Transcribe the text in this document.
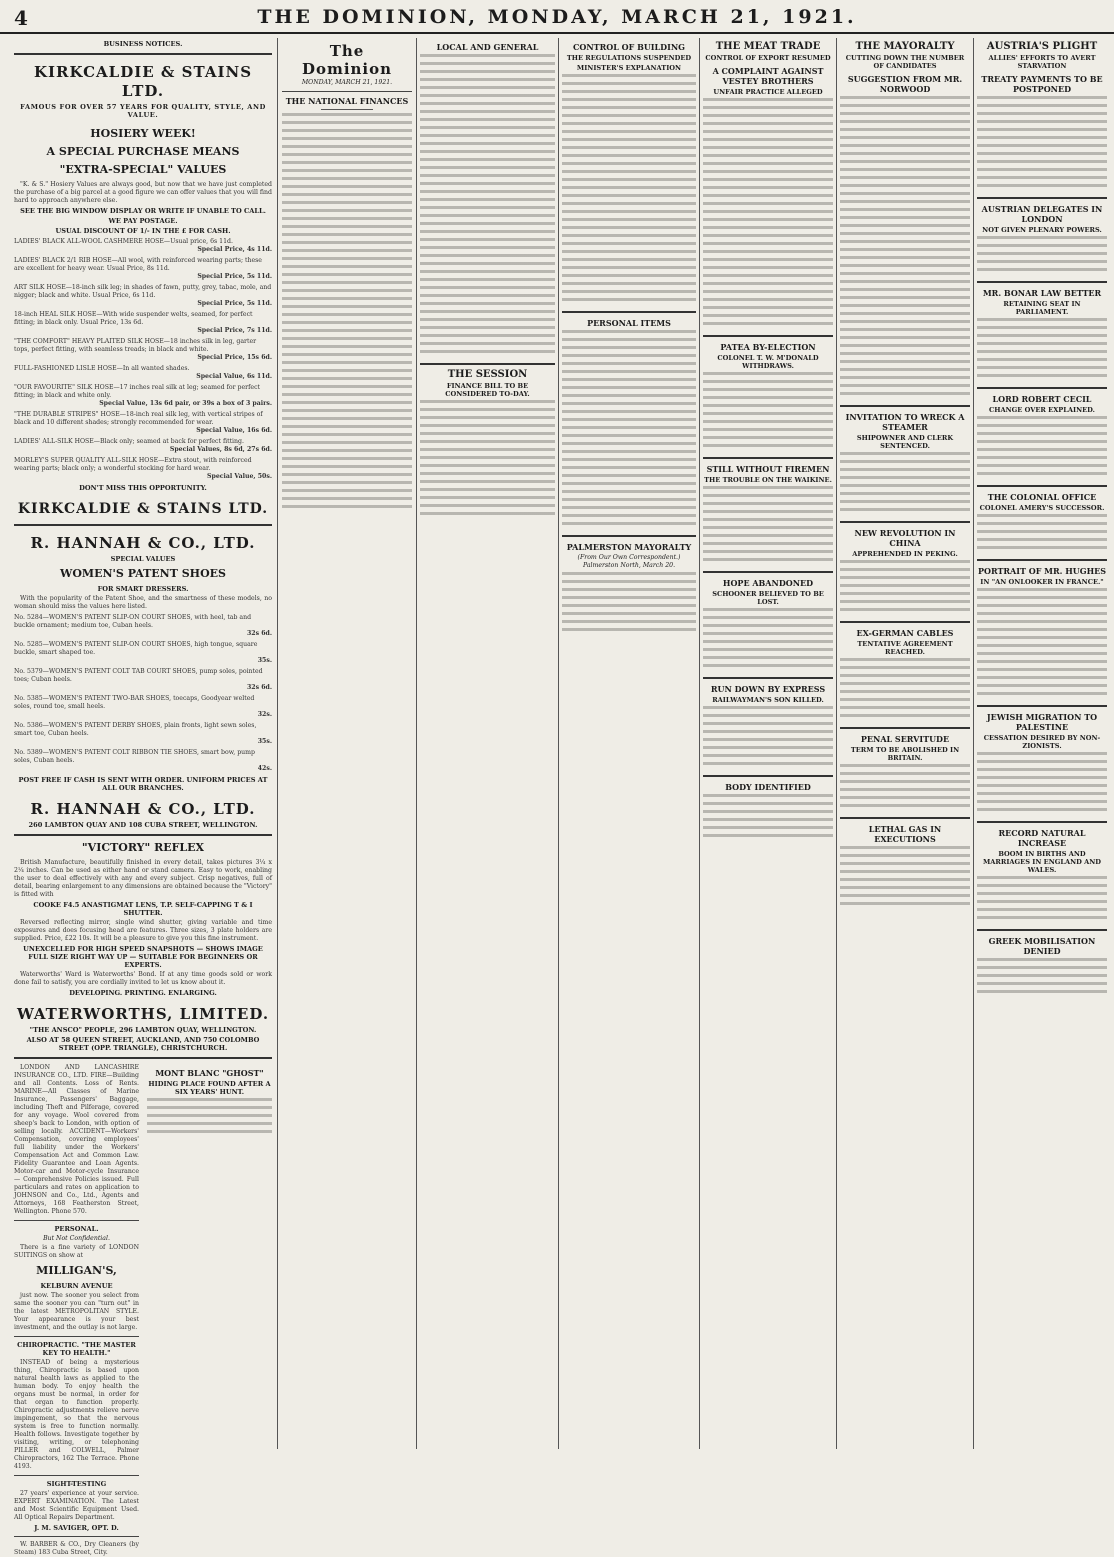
4	THE DOMINION, MONDAY, MARCH 21, 1921.
BUSINESS NOTICES.
KIRKCALDIE & STAINS LTD.
FAMOUS FOR OVER 57 YEARS FOR QUALITY, STYLE, AND VALUE.
HOSIERY WEEK!
A SPECIAL PURCHASE MEANS
"EXTRA-SPECIAL" VALUES

"K. & S." Hosiery Values are always good, but now that we have just completed the purchase of a big parcel at a good figure we can offer values that you will find hard to approach anywhere else.

SEE THE BIG WINDOW DISPLAY OR WRITE IF UNABLE TO CALL.
WE PAY POSTAGE.
USUAL DISCOUNT OF 1/- IN THE £ FOR CASH.
LADIES' BLACK ALL-WOOL CASHMERE HOSE—Usual price, 6s 11d.
Special Price, 4s 11d.
LADIES' BLACK 2/1 RIB HOSE—All wool, with reinforced wearing parts; these are excellent for heavy wear. Usual Price, 8s 11d.
Special Price, 5s 11d.
ART SILK HOSE—18-inch silk leg; in shades of fawn, putty, grey, tabac, mole, and nigger; black and white. Usual Price, 6s 11d.
Special Price, 5s 11d.
18-inch HEAL SILK HOSE—With wide suspender welts, seamed, for perfect fitting; in black only. Usual Price, 13s 6d.
Special Price, 7s 11d.
"THE COMFORT" HEAVY PLAITED SILK HOSE—18 inches silk in leg, garter tops, perfect fitting, with seamless treads; in black and white.
Special Price, 15s 6d.
FULL-FASHIONED LISLE HOSE—In all wanted shades.
Special Value, 6s 11d.
"OUR FAVOURITE" SILK HOSE—17 inches real silk at leg; seamed for perfect fitting; in black and white only.
Special Value, 13s 6d pair, or 39s a box of 3 pairs.
"THE DURABLE STRIPES" HOSE—18-inch real silk leg, with vertical stripes of black and 10 different shades; strongly recommended for wear.
Special Value, 16s 6d.
LADIES' ALL-SILK HOSE—Black only; seamed at back for perfect fitting.
Special Values, 8s 6d, 27s 6d.
MORLEY'S SUPER QUALITY ALL-SILK HOSE—Extra stout, with reinforced wearing parts; black only; a wonderful stocking for hard wear.
Special Value, 50s.
DON'T MISS THIS OPPORTUNITY.
KIRKCALDIE & STAINS LTD.
R. HANNAH & CO., LTD.
SPECIAL VALUES
WOMEN'S PATENT SHOES
FOR SMART DRESSERS.

With the popularity of the Patent Shoe, and the smartness of these models, no woman should miss the values here listed.

No. 5284—WOMEN'S PATENT SLIP-ON COURT SHOES, with heel, tab and buckle ornament; medium toe, Cuban heels.
32s 6d.
No. 5285—WOMEN'S PATENT SLIP-ON COURT SHOES, high tongue, square buckle, smart shaped toe.
35s.
No. 5379—WOMEN'S PATENT COLT TAB COURT SHOES, pump soles, pointed toes; Cuban heels.
32s 6d.
No. 5385—WOMEN'S PATENT TWO-BAR SHOES, toecaps, Goodyear welted soles, round toe, small heels.
32s.
No. 5386—WOMEN'S PATENT DERBY SHOES, plain fronts, light sewn soles, smart toe, Cuban heels.
35s.
No. 5389—WOMEN'S PATENT COLT RIBBON TIE SHOES, smart bow, pump soles, Cuban heels.
42s.
POST FREE IF CASH IS SENT WITH ORDER. UNIFORM PRICES AT ALL OUR BRANCHES.
R. HANNAH & CO., LTD.
260 LAMBTON QUAY AND 108 CUBA STREET, WELLINGTON.
"VICTORY" REFLEX

British Manufacture, beautifully finished in every detail, takes pictures 3¼ x 2¼ inches. Can be used as either hand or stand camera. Easy to work, enabling the user to deal effectively with any and every subject. Crisp negatives, full of detail, bearing enlargement to any dimensions are obtained because the "Victory" is fitted with

COOKE F4.5 ANASTIGMAT LENS, T.P. SELF-CAPPING T & I SHUTTER.

Reversed reflecting mirror, single wind shutter, giving variable and time exposures and does focusing head are features. Three sizes, 3 plate holders are supplied. Price, £22 10s. It will be a pleasure to give you this fine instrument.

UNEXCELLED FOR HIGH SPEED SNAPSHOTS — SHOWS IMAGE FULL SIZE RIGHT WAY UP — SUITABLE FOR BEGINNERS OR EXPERTS.

Waterworths' Ward is Waterworths' Bond. If at any time goods sold or work done fail to satisfy, you are cordially invited to let us know about it.

DEVELOPING. PRINTING. ENLARGING.
WATERWORTHS, LIMITED.
"THE ANSCO" PEOPLE, 296 LAMBTON QUAY, WELLINGTON.
ALSO AT 58 QUEEN STREET, AUCKLAND, AND 750 COLOMBO STREET (OPP. TRIANGLE), CHRISTCHURCH.

LONDON AND LANCASHIRE INSURANCE CO., LTD. FIRE—Building and all Contents. Loss of Rents. MARINE—All Classes of Marine Insurance, Passengers' Baggage, including Theft and Pilferage, covered for any voyage. Wool covered from sheep's back to London, with option of selling locally. ACCIDENT—Workers' Compensation, covering employees' full liability under the Workers' Compensation Act and Common Law. Fidelity Guarantee and Loan Agents. Motor-car and Motor-cycle Insurance — Comprehensive Policies issued. Full particulars and rates on application to JOHNSON and Co., Ltd., Agents and Attorneys, 168 Featherston Street, Wellington. Phone 570.

PERSONAL.
But Not Confidential.

There is a fine variety of LONDON SUITINGS on show at

MILLIGAN'S,
KELBURN AVENUE

just now. The sooner you select from same the sooner you can "turn out" in the latest METROPOLITAN STYLE. Your appearance is your best investment, and the outlay is not large.

CHIROPRACTIC. "THE MASTER KEY TO HEALTH."

INSTEAD of being a mysterious thing, Chiropractic is based upon natural health laws as applied to the human body. To enjoy health the organs must be normal, in order for that organ to function properly. Chiropractic adjustments relieve nerve impingement, so that the nervous system is free to function normally. Health follows. Investigate together by visiting, writing, or telephoning PILLER and COLWELL, Palmer Chiropractors, 162 The Terrace. Phone 4193.

SIGHT-TESTING

27 years' experience at your service. EXPERT EXAMINATION. The Latest and Most Scientific Equipment Used. All Optical Repairs Department.

J. M. SAVIGER, OPT. D.

W. BARBER & CO., Dry Cleaners (by Steam) 183 Cuba Street, City.

MONT BLANC "GHOST"
HIDING PLACE FOUND AFTER A SIX YEARS' HUNT.
The Dominion
MONDAY, MARCH 21, 1921.
THE NATIONAL FINANCES
LOCAL AND GENERAL
THE SESSION
FINANCE BILL TO BE CONSIDERED TO-DAY.
CONTROL OF BUILDING
THE REGULATIONS SUSPENDED
MINISTER'S EXPLANATION
PERSONAL ITEMS
PALMERSTON MAYORALTY
(From Our Own Correspondent.) Palmerston North, March 20.
THE MEAT TRADE
CONTROL OF EXPORT RESUMED
A COMPLAINT AGAINST VESTEY BROTHERS
UNFAIR PRACTICE ALLEGED
PATEA BY-ELECTION
COLONEL T. W. M'DONALD WITHDRAWS.
STILL WITHOUT FIREMEN
THE TROUBLE ON THE WAIKINE.
HOPE ABANDONED
SCHOONER BELIEVED TO BE LOST.
RUN DOWN BY EXPRESS
RAILWAYMAN'S SON KILLED.
BODY IDENTIFIED
THE MAYORALTY
CUTTING DOWN THE NUMBER OF CANDIDATES
SUGGESTION FROM MR. NORWOOD
INVITATION TO WRECK A STEAMER
SHIPOWNER AND CLERK SENTENCED.
NEW REVOLUTION IN CHINA
APPREHENDED IN PEKING.
EX-GERMAN CABLES
TENTATIVE AGREEMENT REACHED.
PENAL SERVITUDE
TERM TO BE ABOLISHED IN BRITAIN.
LETHAL GAS IN EXECUTIONS
AUSTRIA'S PLIGHT
ALLIES' EFFORTS TO AVERT STARVATION
TREATY PAYMENTS TO BE POSTPONED
AUSTRIAN DELEGATES IN LONDON
NOT GIVEN PLENARY POWERS.
MR. BONAR LAW BETTER
RETAINING SEAT IN PARLIAMENT.
LORD ROBERT CECIL
CHANGE OVER EXPLAINED.
THE COLONIAL OFFICE
COLONEL AMERY'S SUCCESSOR.
PORTRAIT OF MR. HUGHES
IN "AN ONLOOKER IN FRANCE."
JEWISH MIGRATION TO PALESTINE
CESSATION DESIRED BY NON-ZIONISTS.
RECORD NATURAL INCREASE
BOOM IN BIRTHS AND MARRIAGES IN ENGLAND AND WALES.
GREEK MOBILISATION DENIED
